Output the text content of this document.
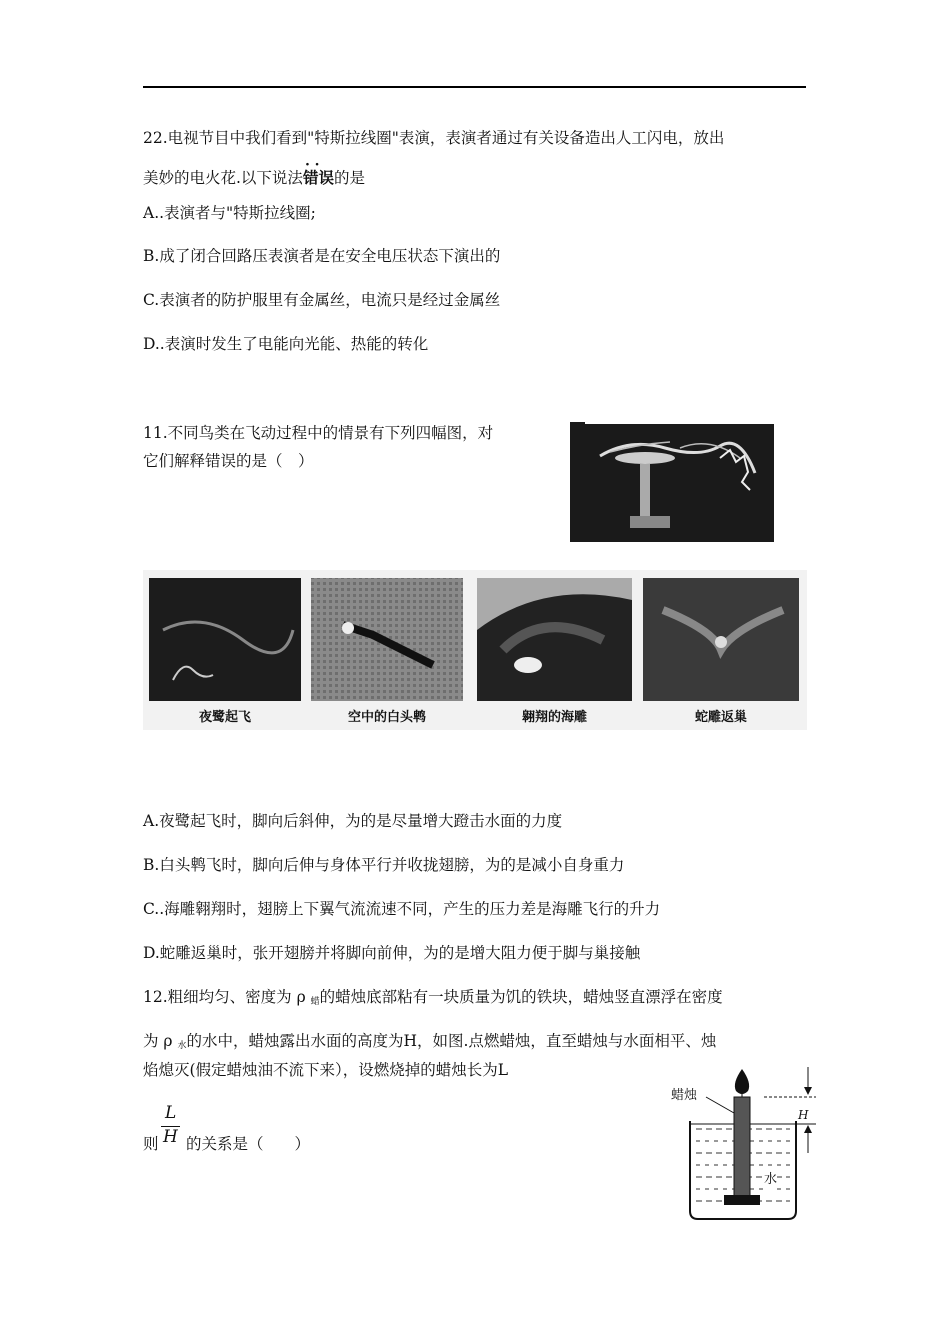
22.电视节目中我们看到"特斯拉线圈"表演，表演者通过有关设备造出人工闪电，放出
美妙的电火花.以下说法· · 错误的是
A..表演者与"特斯拉线圈;
B.成了闭合回路压表演者是在安全电压状态下演出的
C.表演者的防护服里有金属丝，电流只是经过金属丝
D..表演时发生了电能向光能、热能的转化
11.不同鸟类在飞动过程中的情景有下列四幅图，对
它们解释错误的是（　）
夜鹭起飞	空中的白头鹎	翱翔的海雕	蛇雕返巢
A.夜鹭起飞时，脚向后斜伸，为的是尽量增大蹬击水面的力度
B.白头鹎飞时，脚向后伸与身体平行并收拢翅膀，为的是减小自身重力
C..海雕翱翔时，翅膀上下翼气流流速不同，产生的压力差是海雕飞行的升力
D.蛇雕返巢时，张开翅膀并将脚向前伸，为的是增大阻力便于脚与巢接触
12.粗细均匀、密度为 ρ $_蜡$的蜡烛底部粘有一块质量为饥的铁块，蜡烛竖直漂浮在密度
为 ρ $_水$的水中，蜡烛露出水面的高度为H，如图.点燃蜡烛，直至蜡烛与水面相平、烛
焰熄灭(假定蜡烛油不流下来），设燃烧掉的蜡烛长为L
则
L
H 的关系是（　　）
蜡烛
H
水
